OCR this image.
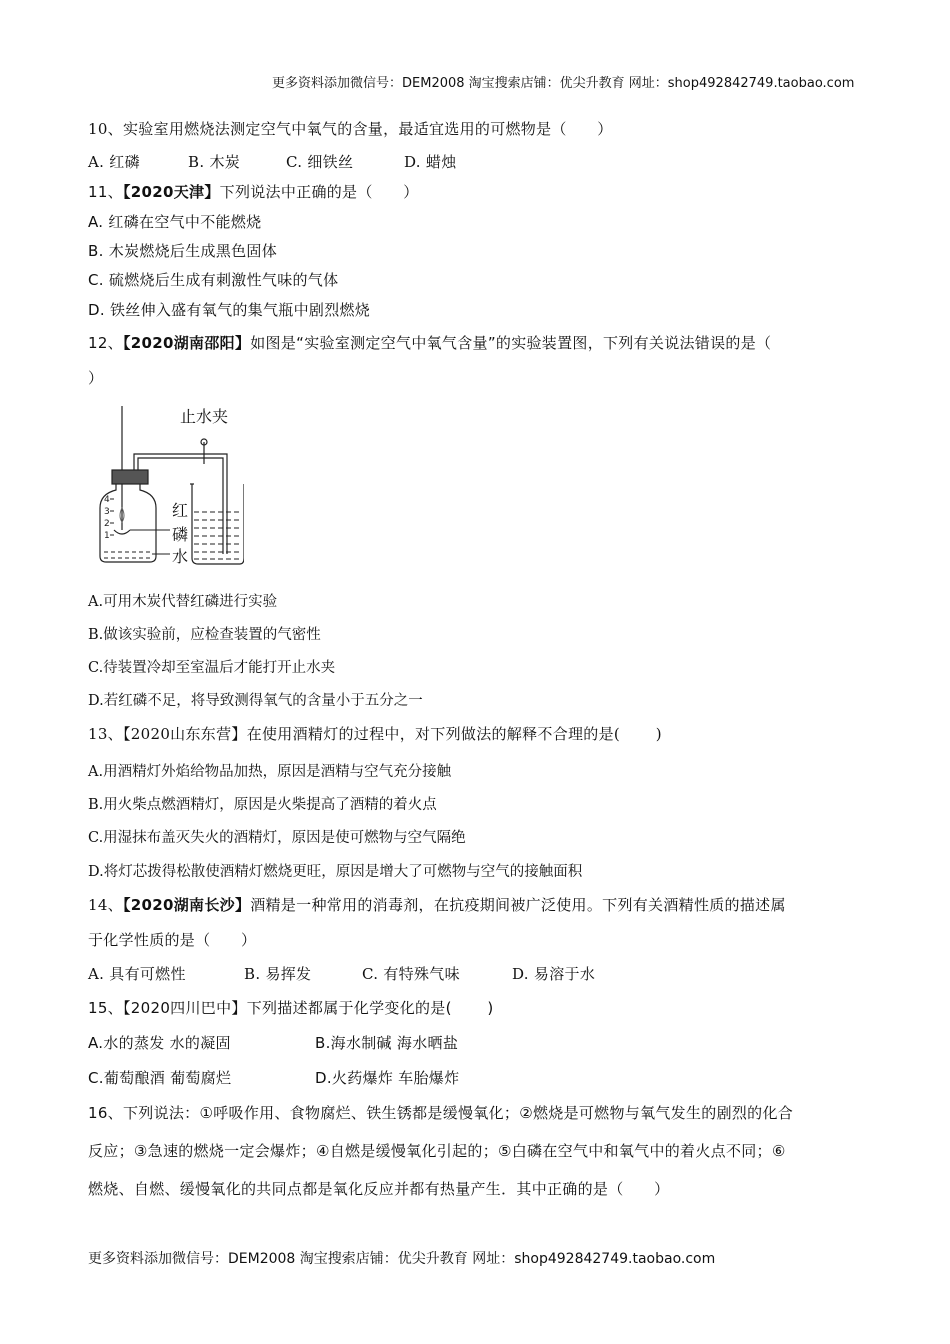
更多资料添加微信号：DEM2008 淘宝搜索店铺：优尖升教育 网址：shop492842749.taobao.com
10、实验室用燃烧法测定空气中氧气的含量，最适宜选用的可燃物是（　　）
A. 红磷	B. 木炭	C. 细铁丝	D. 蜡烛
11、【2020天津】下列说法中正确的是（　　）
A. 红磷在空气中不能燃烧
B. 木炭燃烧后生成黑色固体
C. 硫燃烧后生成有刺激性气味的气体
D. 铁丝伸入盛有氧气的集气瓶中剧烈燃烧
12、【2020湖南邵阳】如图是“实验室测定空气中氧气含量”的实验装置图，下列有关说法错误的是（
）
4
3
2
1
止水夹
红
磷
水
A.可用木炭代替红磷进行实验
B.做该实验前，应检查装置的气密性
C.待装置冷却至室温后才能打开止水夹
D.若红磷不足，将导致测得氧气的含量小于五分之一
13、【2020山东东营】在使用酒精灯的过程中，对下列做法的解释不合理的是(　　 )
A.用酒精灯外焰给物品加热，原因是酒精与空气充分接触
B.用火柴点燃酒精灯，原因是火柴提高了酒精的着火点
C.用湿抹布盖灭失火的酒精灯，原因是使可燃物与空气隔绝
D.将灯芯拨得松散使酒精灯燃烧更旺，原因是增大了可燃物与空气的接触面积
14、【2020湖南长沙】酒精是一种常用的消毒剂，在抗疫期间被广泛使用。下列有关酒精性质的描述属
于化学性质的是（　　）
A. 具有可燃性	B. 易挥发	C. 有特殊气味	D. 易溶于水
15、【2020四川巴中】下列描述都属于化学变化的是(　　 )
A.水的蒸发 水的凝固	B.海水制碱 海水晒盐
C.葡萄酿酒 葡萄腐烂	D.火药爆炸 车胎爆炸
16、下列说法：①呼吸作用、食物腐烂、铁生锈都是缓慢氧化；②燃烧是可燃物与氧气发生的剧烈的化合
反应；③急速的燃烧一定会爆炸；④自燃是缓慢氧化引起的；⑤白磷在空气中和氧气中的着火点不同；⑥
燃烧、自燃、缓慢氧化的共同点都是氧化反应并都有热量产生．其中正确的是（　　）
更多资料添加微信号：DEM2008 淘宝搜索店铺：优尖升教育 网址：shop492842749.taobao.com
